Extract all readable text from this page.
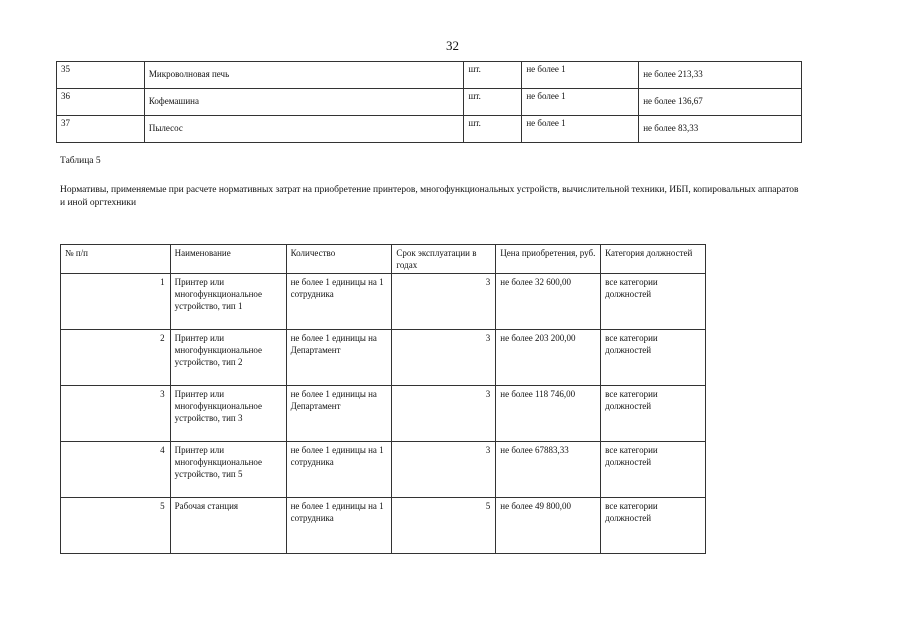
32
35	Микроволновая печь	шт.	не более 1	не более 213,33
36	Кофемашина	шт.	не более 1	не более 136,67
37	Пылесос	шт.	не более 1	не более 83,33
Таблица 5
Нормативы, применяемые при расчете нормативных затрат на приобретение принтеров, многофункциональных устройств, вычислительной техники, ИБП, копировальных аппаратов и иной оргтехники
№ п/п	Наименование	Количество	Срок эксплуатации в годах	Цена приобретения, руб.	Категория должностей
1	Принтер или многофункциональное устройство, тип 1	не более 1 единицы на 1 сотрудника	3	не более 32 600,00	все категории должностей
2	Принтер или многофункциональное устройство, тип 2	не более 1 единицы на Департамент	3	не более 203 200,00	все категории должностей
3	Принтер или многофункциональное устройство, тип 3	не более 1 единицы на Департамент	3	не более 118 746,00	все категории должностей
4	Принтер или многофункциональное устройство, тип 5	не более 1 единицы на 1 сотрудника	3	не более 67883,33	все категории должностей
5	Рабочая станция	не более 1 единицы на 1 сотрудника	5	не более 49 800,00	все категории должностей
